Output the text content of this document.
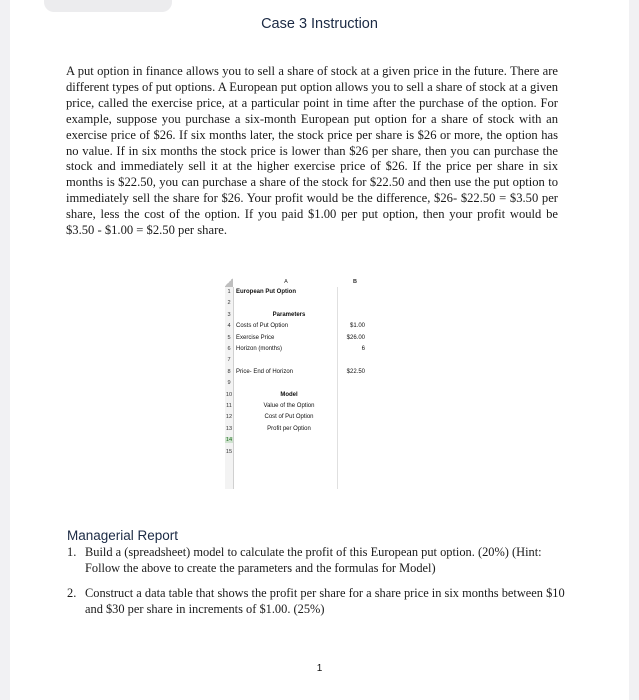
Case 3 Instruction

A put option in finance allows you to sell a share of stock at a given price in the future. There are different types of put options. A European put option allows you to sell a share of stock at a given price, called the exercise price, at a particular point in time after the purchase of the option. For example, suppose you purchase a six-month European put option for a share of stock with an exercise price of $26. If six months later, the stock price per share is $26 or more, the option has no value. If in six months the stock price is lower than $26 per share, then you can purchase the stock and immediately sell it at the higher exercise price of $26. If the price per share in six months is $22.50, you can purchase a share of the stock for $22.50 and then use the put option to immediately sell the share for $26. Your profit would be the difference, $26- $22.50 = $3.50 per share, less the cost of the option. If you paid $1.00 per put option, then your profit would be $3.50 - $1.00 = $2.50 per share.

A	B
1 European Put Option
2
3	Parameters
4 Costs of Put Option	$1.00
5 Exercise Price	$26.00
6 Horizon (months)	6
7
8 Price- End of Horizon	$22.50
9
10	Model
11	Value of the Option
12	Cost of Put Option
13	Profit per Option
14
15
Managerial Report
1. Build a (spreadsheet) model to calculate the profit of this European put option. (20%) (Hint: Follow the above to create the parameters and the formulas for Model)
2. Construct a data table that shows the profit per share for a share price in six months between $10 and $30 per share in increments of $1.00. (25%)
1
